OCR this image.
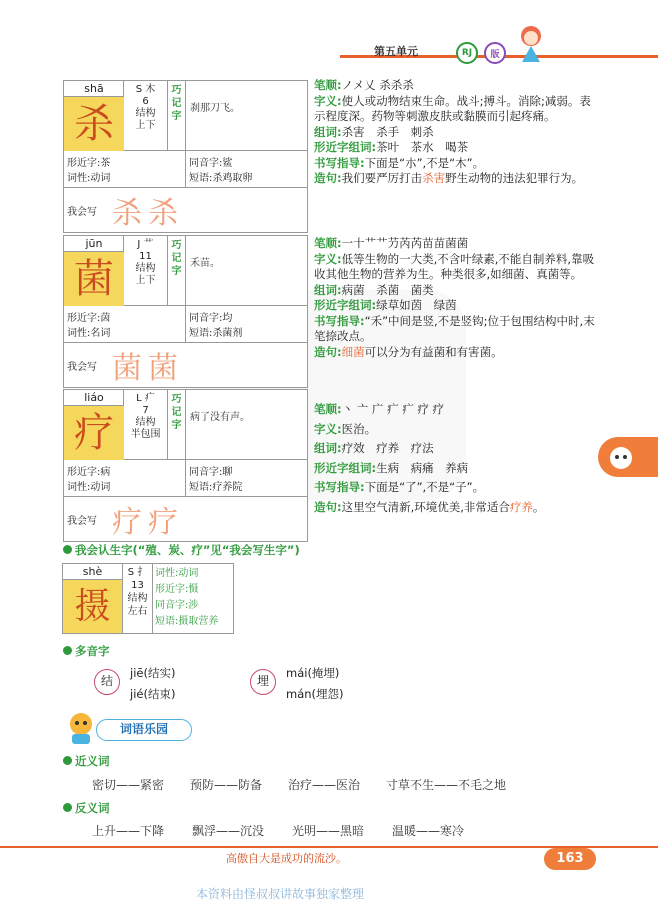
第五单元	RJ	版
shā
杀
S 木
6
结构
上下
巧记字
刹那刀飞。
形近字:茶
词性:动词
同音字:鲨
短语:杀鸡取卵
我会写 杀杀
笔顺:ノメ乂 杀杀杀
字义:使人或动物结束生命。战斗;搏斗。消除;减弱。表示程度深。药物等刺激皮肤或黏膜而引起疼痛。
组词:杀害　杀手　刺杀
形近字组词:茶叶　茶水　喝茶
书写指导:下面是“朩”,不是“木”。
造句:我们要严厉打击杀害野生动物的违法犯罪行为。
jūn
菌
J 艹
11
结构
上下
巧记字
禾苗。
形近字:茵
词性:名词
同音字:均
短语:杀菌剂
我会写 菌菌
笔顺:一十艹艹芀芮芮苗苗菌菌
字义:低等生物的一大类,不含叶绿素,不能自制养料,靠吸收其他生物的营养为生。种类很多,如细菌、真菌等。
组词:病菌　杀菌　菌类
形近字组词:绿草如茵　绿茵
书写指导:“禾”中间是竖,不是竖钩;位于包围结构中时,末笔捺改点。
造句:细菌可以分为有益菌和有害菌。
liáo
疗
L 疒
7
结构
半包围
巧记字
病了没有声。
形近字:病
词性:动词
同音字:聊
短语:疗养院
我会写 疗疗
笔顺:丶 亠 广 疒 疒 疗 疗
字义:医治。
组词:疗效　疗养　疗法
形近字组词:生病　病痛　养病
书写指导:下面是“了”,不是“子”。
造句:这里空气清新,环境优美,非常适合疗养。
我会认生字(“殖、炭、疗”见“我会写生字”)
shè
摄
S 扌
13
结构
左右
词性:动词
形近字:慑
同音字:涉
短语:摄取营养
多音字
结
jiē(结实)
jié(结束)
埋
mái(掩埋)
mán(埋怨)
词语乐园
近义词
密切——紧密 预防——防备 治疗——医治 寸草不生——不毛之地
反义词
上升——下降 飘浮——沉没 光明——黑暗 温暖——寒冷
高傲自大是成功的流沙。	163
本资料由怪叔叔讲故事独家整理
